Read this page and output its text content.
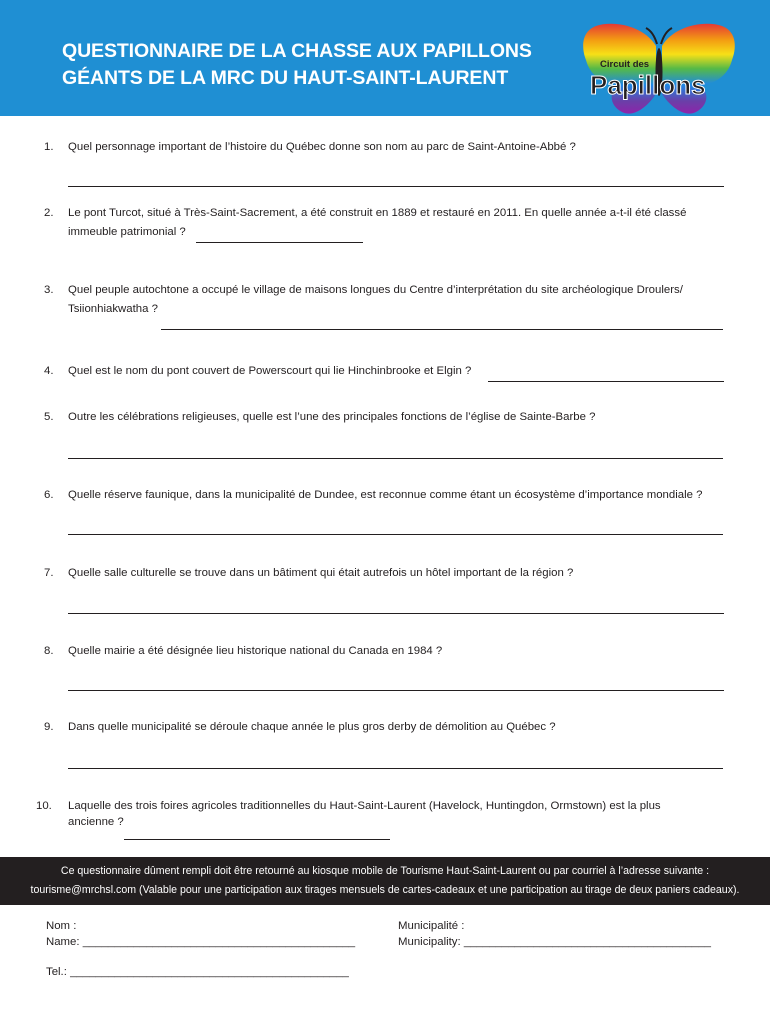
QUESTIONNAIRE DE LA CHASSE AUX PAPILLONS
GÉANTS DE LA MRC DU HAUT-SAINT-LAURENT
Circuit des
Papillons
1. Quel personnage important de l’histoire du Québec donne son nom au parc de Saint-Antoine-Abbé ?
2. Le pont Turcot, situé à Très-Saint-Sacrement, a été construit en 1889 et restauré en 2011. En quelle année a-t-il été classé
immeuble patrimonial ?
3. Quel peuple autochtone a occupé le village de maisons longues du Centre d’interprétation du site archéologique Droulers/
Tsiionhiakwatha ?
4. Quel est le nom du pont couvert de Powerscourt qui lie Hinchinbrooke et Elgin ?
5. Outre les célébrations religieuses, quelle est l’une des principales fonctions de l’église de Sainte-Barbe ?
6. Quelle réserve faunique, dans la municipalité de Dundee, est reconnue comme étant un écosystème d’importance mondiale ?
7. Quelle salle culturelle se trouve dans un bâtiment qui était autrefois un hôtel important de la région ?
8. Quelle mairie a été désignée lieu historique national du Canada en 1984 ?
9. Dans quelle municipalité se déroule chaque année le plus gros derby de démolition au Québec ?
10. Laquelle des trois foires agricoles traditionnelles du Haut-Saint-Laurent (Havelock, Huntingdon, Ormstown) est la plus
ancienne ?
Ce questionnaire dûment rempli doit être retourné au kiosque mobile de Tourisme Haut-Saint-Laurent ou par courriel à l’adresse suivante :
tourisme@mrchsl.com (Valable pour une participation aux tirages mensuels de cartes-cadeaux et une participation au tirage de deux paniers cadeaux).
Nom :
Name: ___________________________________________
Municipalité :
Municipality: _______________________________________
Tel.: ____________________________________________
